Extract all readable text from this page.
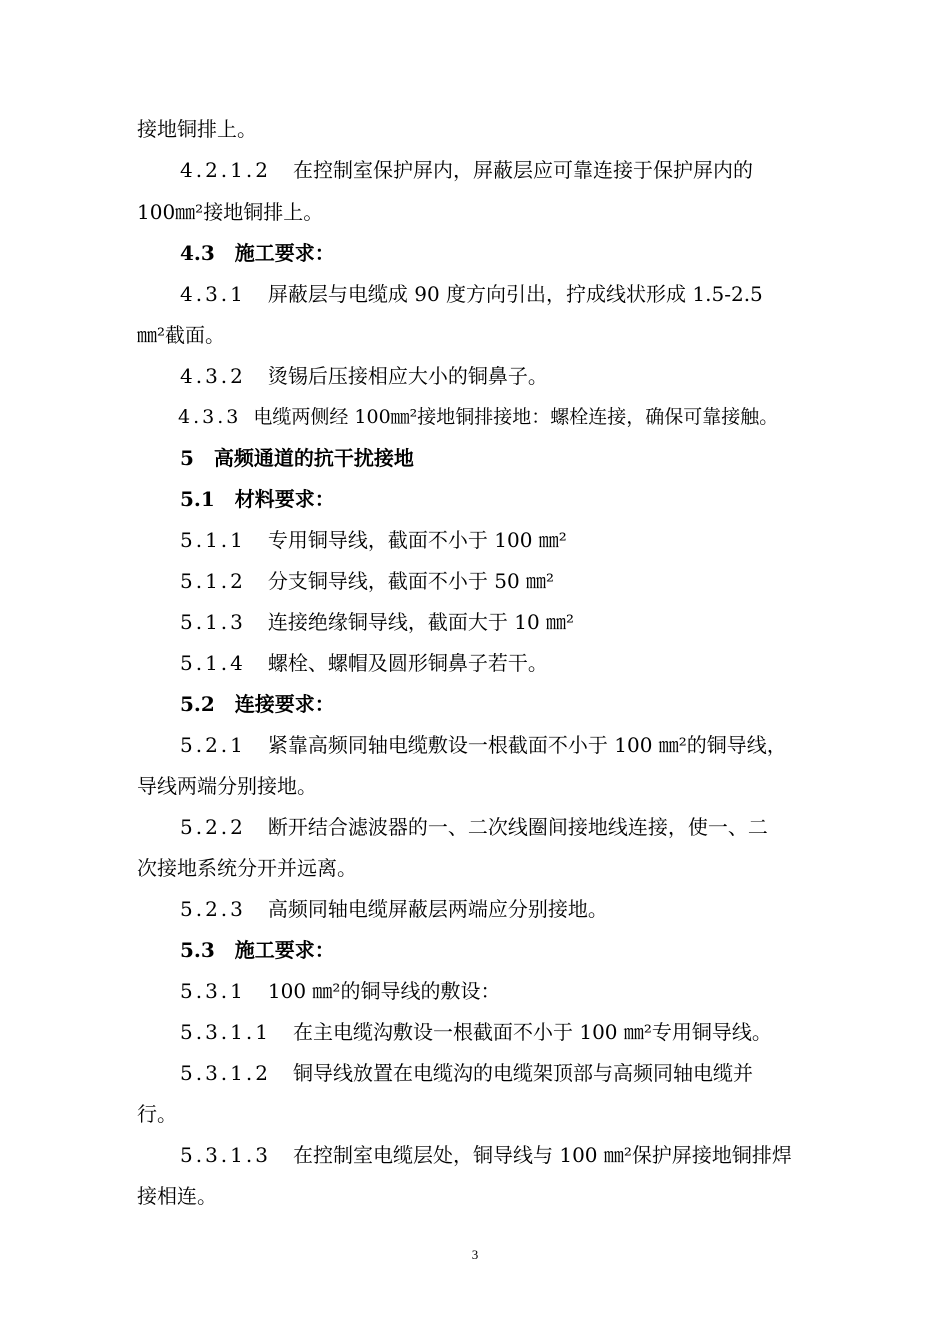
接地铜排上。
4.2.1.2 在控制室保护屏内，屏蔽层应可靠连接于保护屏内的
100㎜²接地铜排上。
4.3　施工要求：
4.3.1 屏蔽层与电缆成 90 度方向引出，拧成线状形成 1.5-2.5
㎜²截面。
4.3.2 烫锡后压接相应大小的铜鼻子。
4.3.3 电缆两侧经 100㎜²接地铜排接地：螺栓连接，确保可靠接触。
5　高频通道的抗干扰接地
5.1　材料要求：
5.1.1 专用铜导线，截面不小于 100 ㎜²
5.1.2 分支铜导线，截面不小于 50 ㎜²
5.1.3 连接绝缘铜导线，截面大于 10 ㎜²
5.1.4 螺栓、螺帽及圆形铜鼻子若干。
5.2　连接要求：
5.2.1 紧靠高频同轴电缆敷设一根截面不小于 100 ㎜²的铜导线，
导线两端分别接地。
5.2.2 断开结合滤波器的一、二次线圈间接地线连接，使一、二
次接地系统分开并远离。
5.2.3 高频同轴电缆屏蔽层两端应分别接地。
5.3　施工要求：
5.3.1 100 ㎜²的铜导线的敷设：
5.3.1.1 在主电缆沟敷设一根截面不小于 100 ㎜²专用铜导线。
5.3.1.2 铜导线放置在电缆沟的电缆架顶部与高频同轴电缆并
行。
5.3.1.3 在控制室电缆层处，铜导线与 100 ㎜²保护屏接地铜排焊
接相连。
3
